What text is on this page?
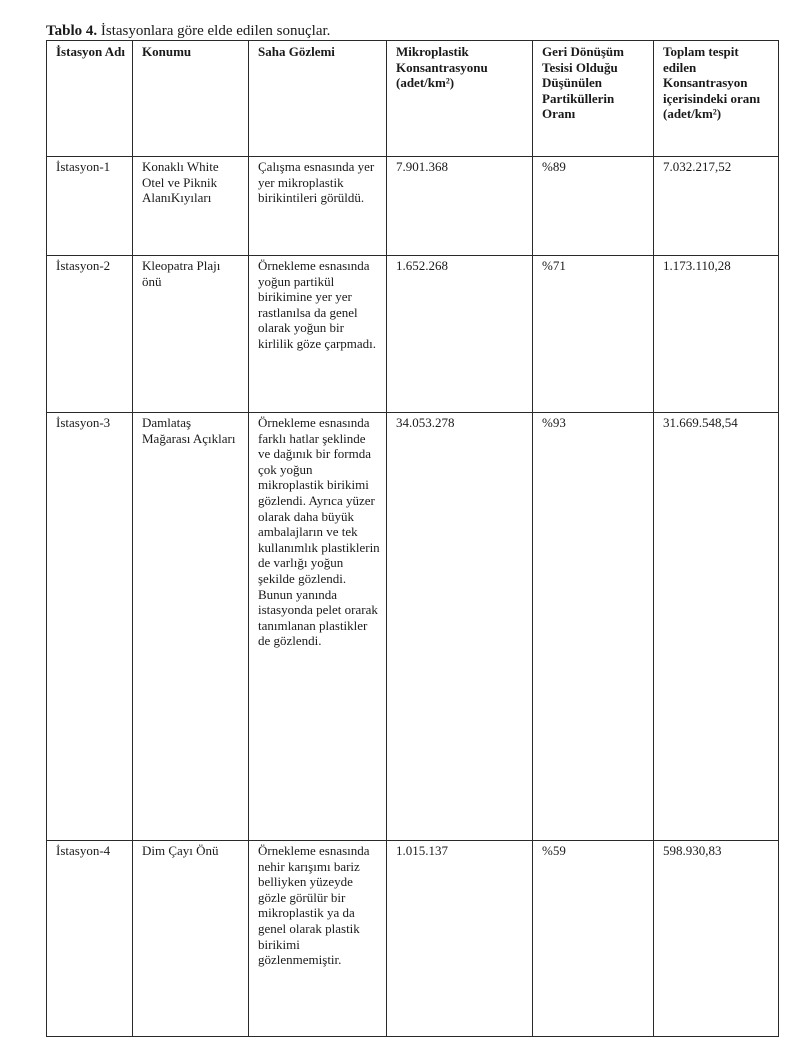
Tablo 4. İstasyonlara göre elde edilen sonuçlar.
İstasyon Adı	Konumu	Saha Gözlemi	Mikroplastik Konsantrasyonu (adet/km²)	Geri Dönüşüm Tesisi Olduğu Düşünülen Partiküllerin Oranı	Toplam tespit edilen Konsantrasyon içerisindeki oranı (adet/km²)
İstasyon-1	Konaklı White Otel ve Piknik AlanıKıyıları	Çalışma esnasında yer yer mikroplastik birikintileri görüldü.	7.901.368	%89	7.032.217,52
İstasyon-2	Kleopatra Plajı önü	Örnekleme esnasında yoğun partikül birikimine yer yer rastlanılsa da genel olarak yoğun bir kirlilik göze çarpmadı.	1.652.268	%71	1.173.110,28
İstasyon-3	Damlataş Mağarası Açıkları	Örnekleme esnasında farklı hatlar şeklinde ve dağınık bir formda çok yoğun mikroplastik birikimi gözlendi. Ayrıca yüzer olarak daha büyük ambalajların ve tek kullanımlık plastiklerin de varlığı yoğun şekilde gözlendi. Bunun yanında istasyonda pelet orarak tanımlanan plastikler de gözlendi.	34.053.278	%93	31.669.548,54
İstasyon-4	Dim Çayı Önü	Örnekleme esnasında nehir karışımı bariz belliyken yüzeyde gözle görülür bir mikroplastik ya da genel olarak plastik birikimi gözlenmemiştir.	1.015.137	%59	598.930,83
